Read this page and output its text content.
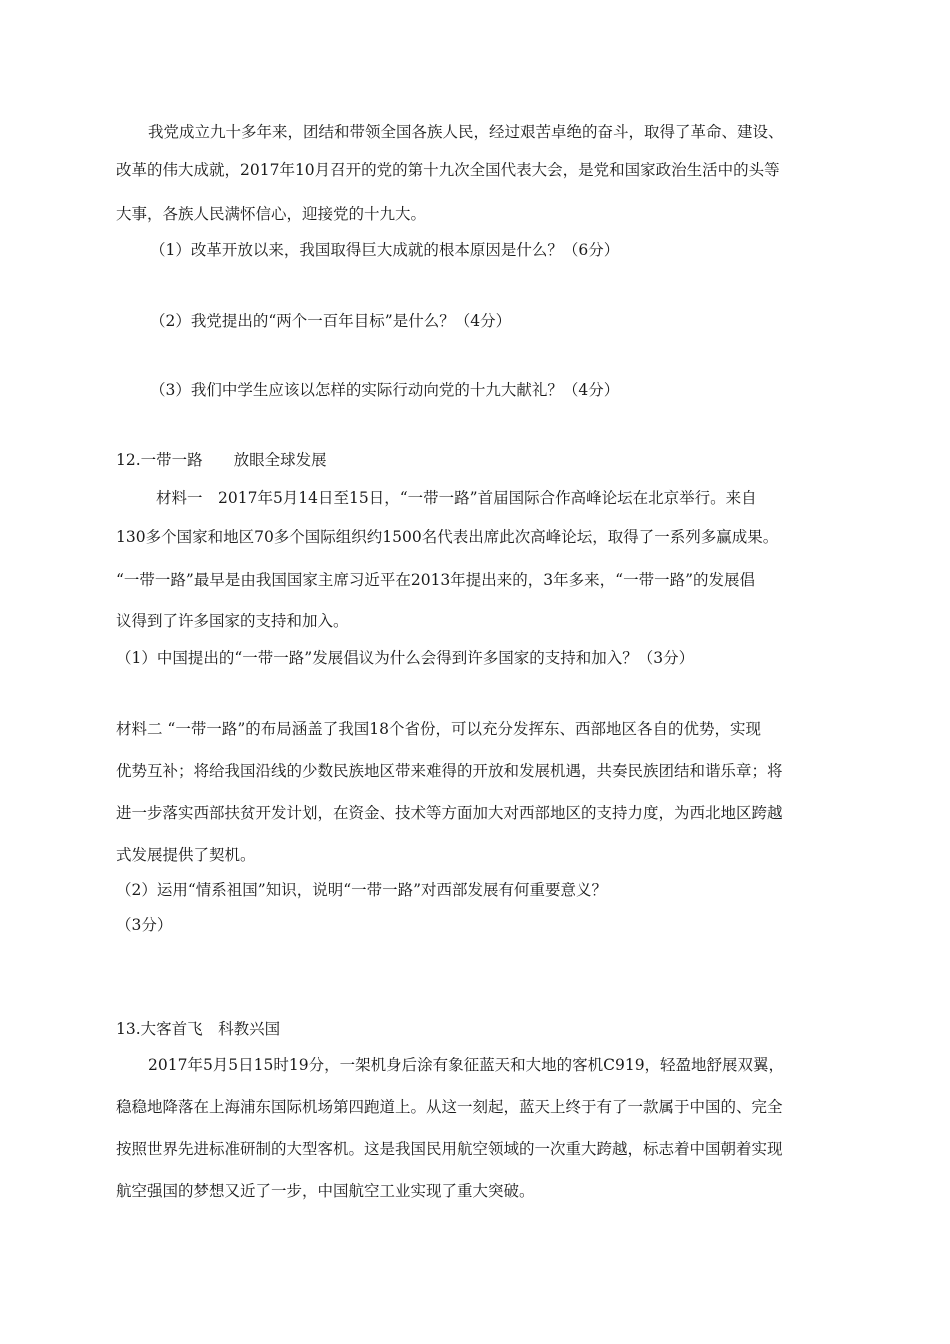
我党成立九十多年来，团结和带领全国各族人民，经过艰苦卓绝的奋斗，取得了革命、建设、
改革的伟大成就，2017年10月召开的党的第十九次全国代表大会，是党和国家政治生活中的头等
大事，各族人民满怀信心，迎接党的十九大。
（1）改革开放以来，我国取得巨大成就的根本原因是什么？（6分）
（2）我党提出的“两个一百年目标”是什么？（4分）
（3）我们中学生应该以怎样的实际行动向党的十九大献礼？（4分）
12.一带一路　　放眼全球发展
材料一　2017年5月14日至15日，“一带一路”首届国际合作高峰论坛在北京举行。来自
130多个国家和地区70多个国际组织约1500名代表出席此次高峰论坛，取得了一系列多赢成果。
“一带一路”最早是由我国国家主席习近平在2013年提出来的，3年多来，“一带一路”的发展倡
议得到了许多国家的支持和加入。
（1）中国提出的“一带一路”发展倡议为什么会得到许多国家的支持和加入？（3分）
材料二 “一带一路”的布局涵盖了我国18个省份，可以充分发挥东、西部地区各自的优势，实现
优势互补；将给我国沿线的少数民族地区带来难得的开放和发展机遇，共奏民族团结和谐乐章；将
进一步落实西部扶贫开发计划，在资金、技术等方面加大对西部地区的支持力度，为西北地区跨越
式发展提供了契机。
（2）运用“情系祖国”知识，说明“一带一路”对西部发展有何重要意义？
（3分）
13.大客首飞　科教兴国
2017年5月5日15时19分，一架机身后涂有象征蓝天和大地的客机C919，轻盈地舒展双翼，
稳稳地降落在上海浦东国际机场第四跑道上。从这一刻起，蓝天上终于有了一款属于中国的、完全
按照世界先进标准研制的大型客机。这是我国民用航空领域的一次重大跨越，标志着中国朝着实现
航空强国的梦想又近了一步，中国航空工业实现了重大突破。
